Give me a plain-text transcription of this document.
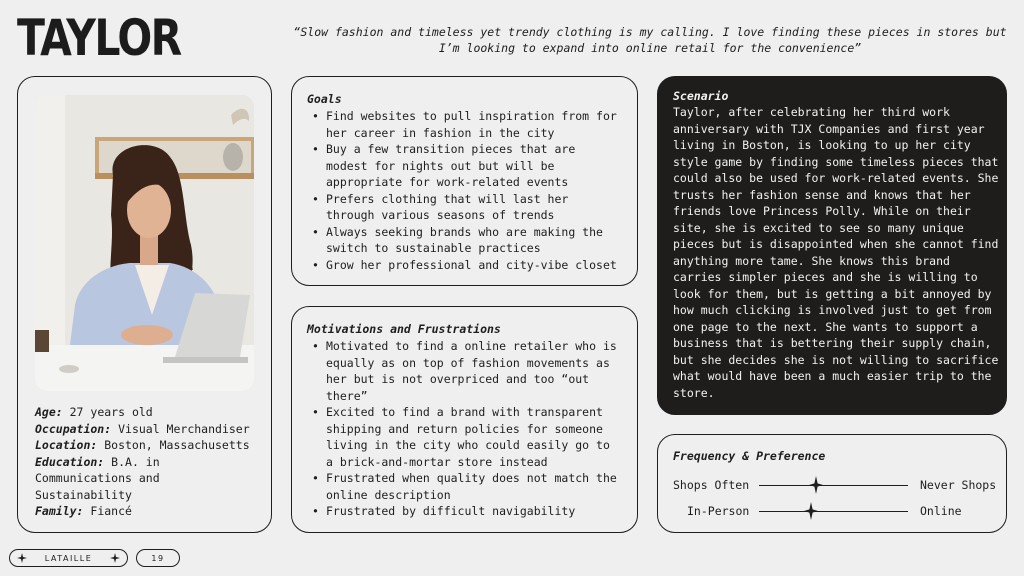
TAYLOR	“Slow fashion and timeless yet trendy clothing is my calling. I love finding these pieces in stores but I’m looking to expand into online retail for the convenience”
Age: 27 years old
Occupation: Visual Merchandiser
Location: Boston, Massachusetts
Education: B.A. in Communications and Sustainability
Family: Fiancé
Goals
• Find websites to pull inspiration from for her career in fashion in the city
• Buy a few transition pieces that are modest for nights out but will be appropriate for work-related events
• Prefers clothing that will last her through various seasons of trends
• Always seeking brands who are making the switch to sustainable practices
• Grow her professional and city-vibe closet
Motivations and Frustrations
• Motivated to find a online retailer who is equally as on top of fashion movements as her but is not overpriced and too “out there”
• Excited to find a brand with transparent shipping and return policies for someone living in the city who could easily go to a brick-and-mortar store instead
• Frustrated when quality does not match the online description
• Frustrated by difficult navigability
Scenario
Taylor, after celebrating her third work anniversary with TJX Companies and first year living in Boston, is looking to up her city style game by finding some timeless pieces that could also be used for work-related events. She trusts her fashion sense and knows that her friends love Princess Polly. While on their site, she is excited to see so many unique pieces but is disappointed when she cannot find anything more tame. She knows this brand carries simpler pieces and she is willing to look for them, but is getting a bit annoyed by how much clicking is involved just to get from one page to the next. She wants to support a business that is bettering their supply chain, but she decides she is not willing to sacrifice what would have been a much easier trip to the store.
Frequency & Preference
Shops Often	Never Shops
In-Person	Online
LATAILLE	19
